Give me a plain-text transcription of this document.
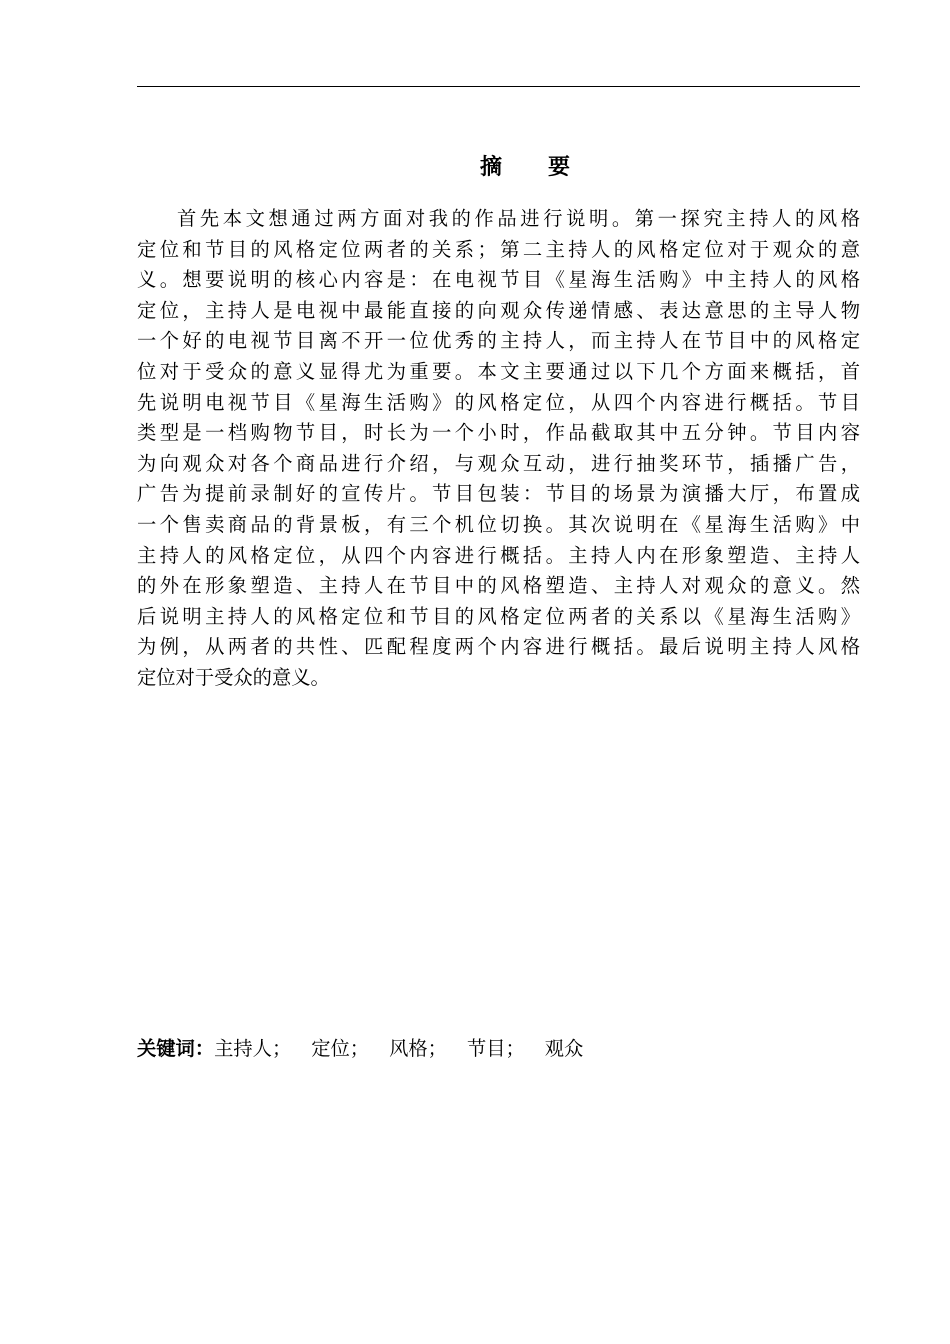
摘 要
首先本文想通过两方面对我的作品进行说明。第一探究主持人的风格
定位和节目的风格定位两者的关系；第二主持人的风格定位对于观众的意
义。想要说明的核心内容是：在电视节目《星海生活购》中主持人的风格
定位，主持人是电视中最能直接的向观众传递情感、表达意思的主导人物
一个好的电视节目离不开一位优秀的主持人，而主持人在节目中的风格定
位对于受众的意义显得尤为重要。本文主要通过以下几个方面来概括，首
先说明电视节目《星海生活购》的风格定位，从四个内容进行概括。节目
类型是一档购物节目，时长为一个小时，作品截取其中五分钟。节目内容
为向观众对各个商品进行介绍，与观众互动，进行抽奖环节，插播广告，
广告为提前录制好的宣传片。节目包装：节目的场景为演播大厅，布置成
一个售卖商品的背景板，有三个机位切换。其次说明在《星海生活购》中
主持人的风格定位，从四个内容进行概括。主持人内在形象塑造、主持人
的外在形象塑造、主持人在节目中的风格塑造、主持人对观众的意义。然
后说明主持人的风格定位和节目的风格定位两者的关系以《星海生活购》
为例，从两者的共性、匹配程度两个内容进行概括。最后说明主持人风格
定位对于受众的意义。
关键词：主持人； 定位； 风格； 节目； 观众
